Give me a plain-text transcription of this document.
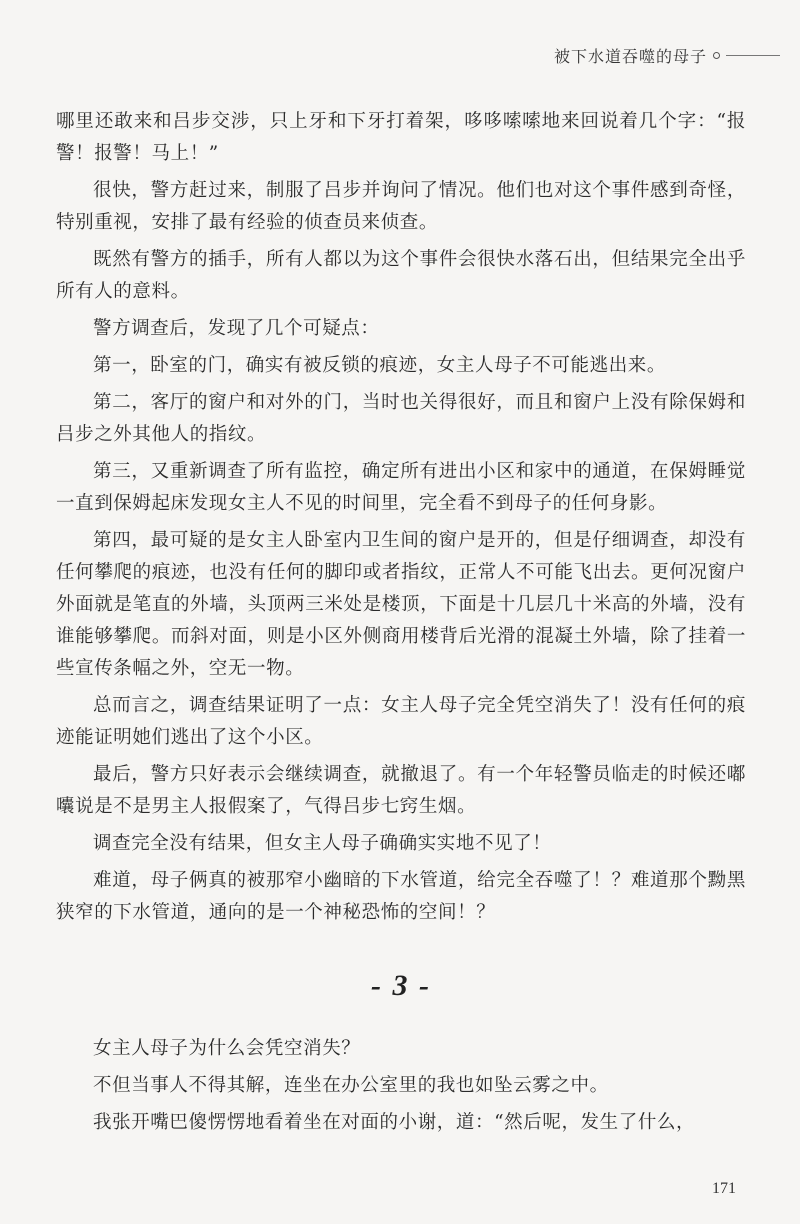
被下水道吞噬的母子

哪里还敢来和吕步交涉，只上牙和下牙打着架，哆哆嗦嗦地来回说着几个字：“报警！报警！马上！”

很快，警方赶过来，制服了吕步并询问了情况。他们也对这个事件感到奇怪，特别重视，安排了最有经验的侦查员来侦查。

既然有警方的插手，所有人都以为这个事件会很快水落石出，但结果完全出乎所有人的意料。

警方调查后，发现了几个可疑点：

第一，卧室的门，确实有被反锁的痕迹，女主人母子不可能逃出来。

第二，客厅的窗户和对外的门，当时也关得很好，而且和窗户上没有除保姆和吕步之外其他人的指纹。

第三，又重新调查了所有监控，确定所有进出小区和家中的通道，在保姆睡觉一直到保姆起床发现女主人不见的时间里，完全看不到母子的任何身影。

第四，最可疑的是女主人卧室内卫生间的窗户是开的，但是仔细调查，却没有任何攀爬的痕迹，也没有任何的脚印或者指纹，正常人不可能飞出去。更何况窗户外面就是笔直的外墙，头顶两三米处是楼顶，下面是十几层几十米高的外墙，没有谁能够攀爬。而斜对面，则是小区外侧商用楼背后光滑的混凝土外墙，除了挂着一些宣传条幅之外，空无一物。

总而言之，调查结果证明了一点：女主人母子完全凭空消失了！没有任何的痕迹能证明她们逃出了这个小区。

最后，警方只好表示会继续调查，就撤退了。有一个年轻警员临走的时候还嘟囔说是不是男主人报假案了，气得吕步七窍生烟。

调查完全没有结果，但女主人母子确确实实地不见了！

难道，母子俩真的被那窄小幽暗的下水管道，给完全吞噬了！？难道那个黝黑狭窄的下水管道，通向的是一个神秘恐怖的空间！？

- 3 -

女主人母子为什么会凭空消失？

不但当事人不得其解，连坐在办公室里的我也如坠云雾之中。

我张开嘴巴傻愣愣地看着坐在对面的小谢，道：“然后呢，发生了什么，

171
